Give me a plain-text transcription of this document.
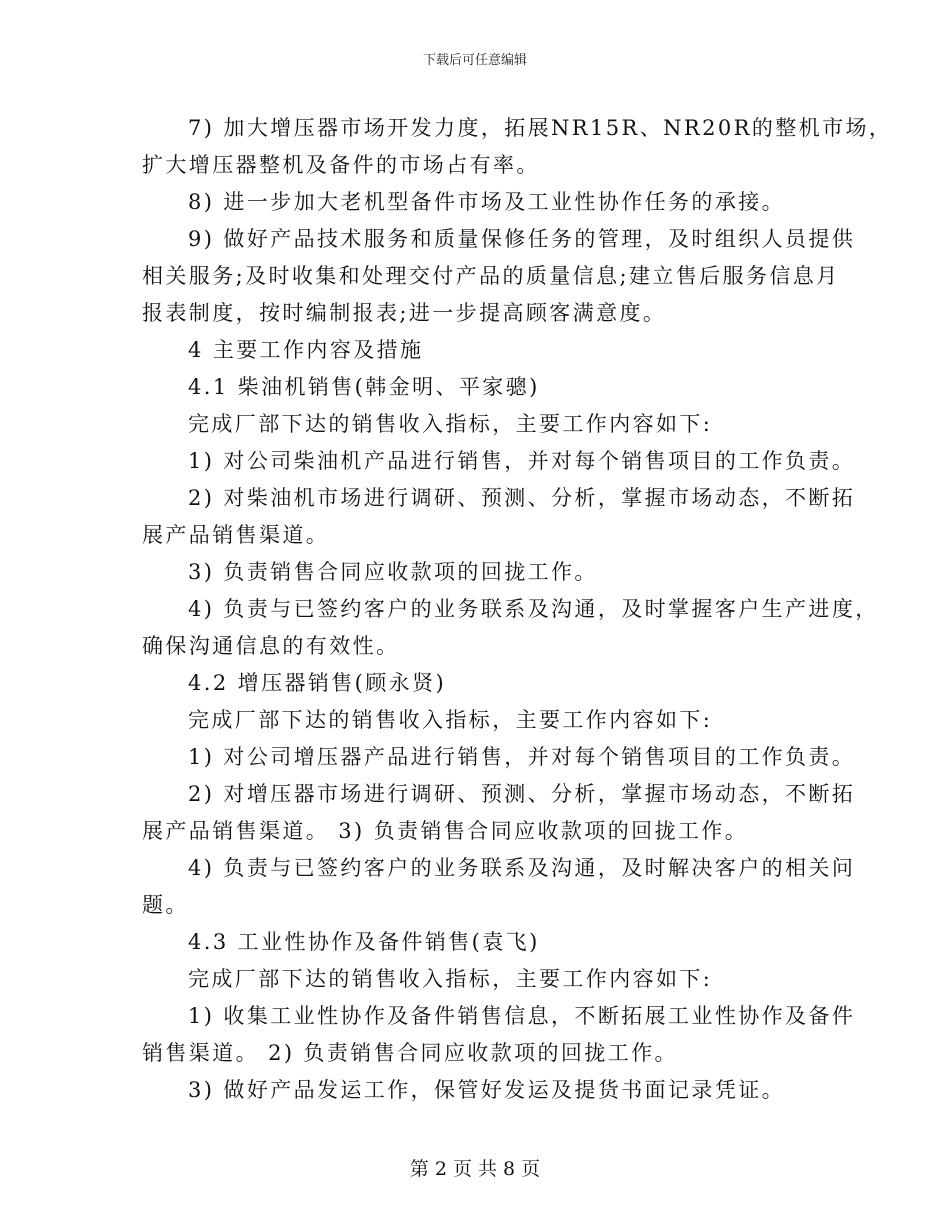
下载后可任意编辑
7) 加大增压器市场开发力度，拓展NR15R、NR20R的整机市场，
扩大增压器整机及备件的市场占有率。
8) 进一步加大老机型备件市场及工业性协作任务的承接。
9) 做好产品技术服务和质量保修任务的管理，及时组织人员提供
相关服务;及时收集和处理交付产品的质量信息;建立售后服务信息月
报表制度，按时编制报表;进一步提高顾客满意度。
4 主要工作内容及措施
4.1 柴油机销售(韩金明、平家骢)
完成厂部下达的销售收入指标，主要工作内容如下:
1) 对公司柴油机产品进行销售，并对每个销售项目的工作负责。
2) 对柴油机市场进行调研、预测、分析，掌握市场动态，不断拓
展产品销售渠道。
3) 负责销售合同应收款项的回拢工作。
4) 负责与已签约客户的业务联系及沟通，及时掌握客户生产进度，
确保沟通信息的有效性。
4.2 增压器销售(顾永贤)
完成厂部下达的销售收入指标，主要工作内容如下:
1) 对公司增压器产品进行销售，并对每个销售项目的工作负责。
2) 对增压器市场进行调研、预测、分析，掌握市场动态，不断拓
展产品销售渠道。 3) 负责销售合同应收款项的回拢工作。
4) 负责与已签约客户的业务联系及沟通，及时解决客户的相关问
题。
4.3 工业性协作及备件销售(袁飞)
完成厂部下达的销售收入指标，主要工作内容如下:
1) 收集工业性协作及备件销售信息，不断拓展工业性协作及备件
销售渠道。 2) 负责销售合同应收款项的回拢工作。
3) 做好产品发运工作，保管好发运及提货书面记录凭证。
第 2 页 共 8 页
